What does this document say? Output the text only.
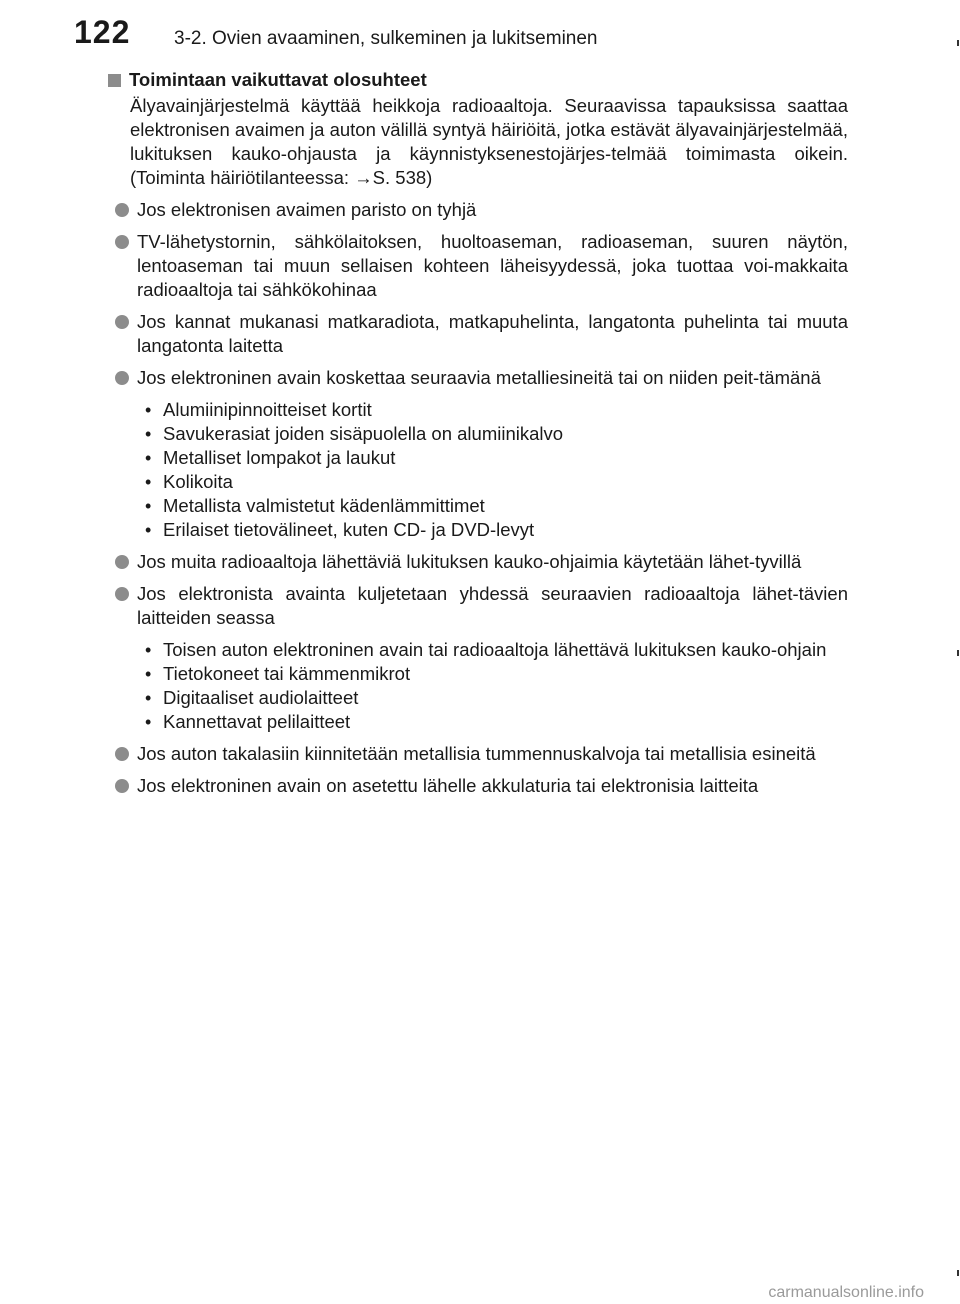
122 3-2. Ovien avaaminen, sulkeminen ja lukitseminen
Toimintaan vaikuttavat olosuhteet
Älyavainjärjestelmä käyttää heikkoja radioaaltoja. Seuraavissa tapauksissa saattaa elektronisen avaimen ja auton välillä syntyä häiriöitä, jotka estävät älyavainjärjestelmää, lukituksen kauko-ohjausta ja käynnistyksenestojärjes-telmää toimimasta oikein. (Toiminta häiriötilanteessa: →S. 538)
Jos elektronisen avaimen paristo on tyhjä
TV-lähetystornin, sähkölaitoksen, huoltoaseman, radioaseman, suuren näytön, lentoaseman tai muun sellaisen kohteen läheisyydessä, joka tuottaa voi-makkaita radioaaltoja tai sähkökohinaa
Jos kannat mukanasi matkaradiota, matkapuhelinta, langatonta puhelinta tai muuta langatonta laitetta
Jos elektroninen avain koskettaa seuraavia metalliesineitä tai on niiden peit-tämänä
• Alumiinipinnoitteiset kortit
• Savukerasiat joiden sisäpuolella on alumiinikalvo
• Metalliset lompakot ja laukut
• Kolikoita
• Metallista valmistetut kädenlämmittimet
• Erilaiset tietovälineet, kuten CD- ja DVD-levyt
Jos muita radioaaltoja lähettäviä lukituksen kauko-ohjaimia käytetään lähet-tyvillä
Jos elektronista avainta kuljetetaan yhdessä seuraavien radioaaltoja lähet-tävien laitteiden seassa
• Toisen auton elektroninen avain tai radioaaltoja lähettävä lukituksen kauko-ohjain
• Tietokoneet tai kämmenmikrot
• Digitaaliset audiolaitteet
• Kannettavat pelilaitteet
Jos auton takalasiin kiinnitetään metallisia tummennuskalvoja tai metallisia esineitä
Jos elektroninen avain on asetettu lähelle akkulaturia tai elektronisia laitteita
carmanualsonline.info
